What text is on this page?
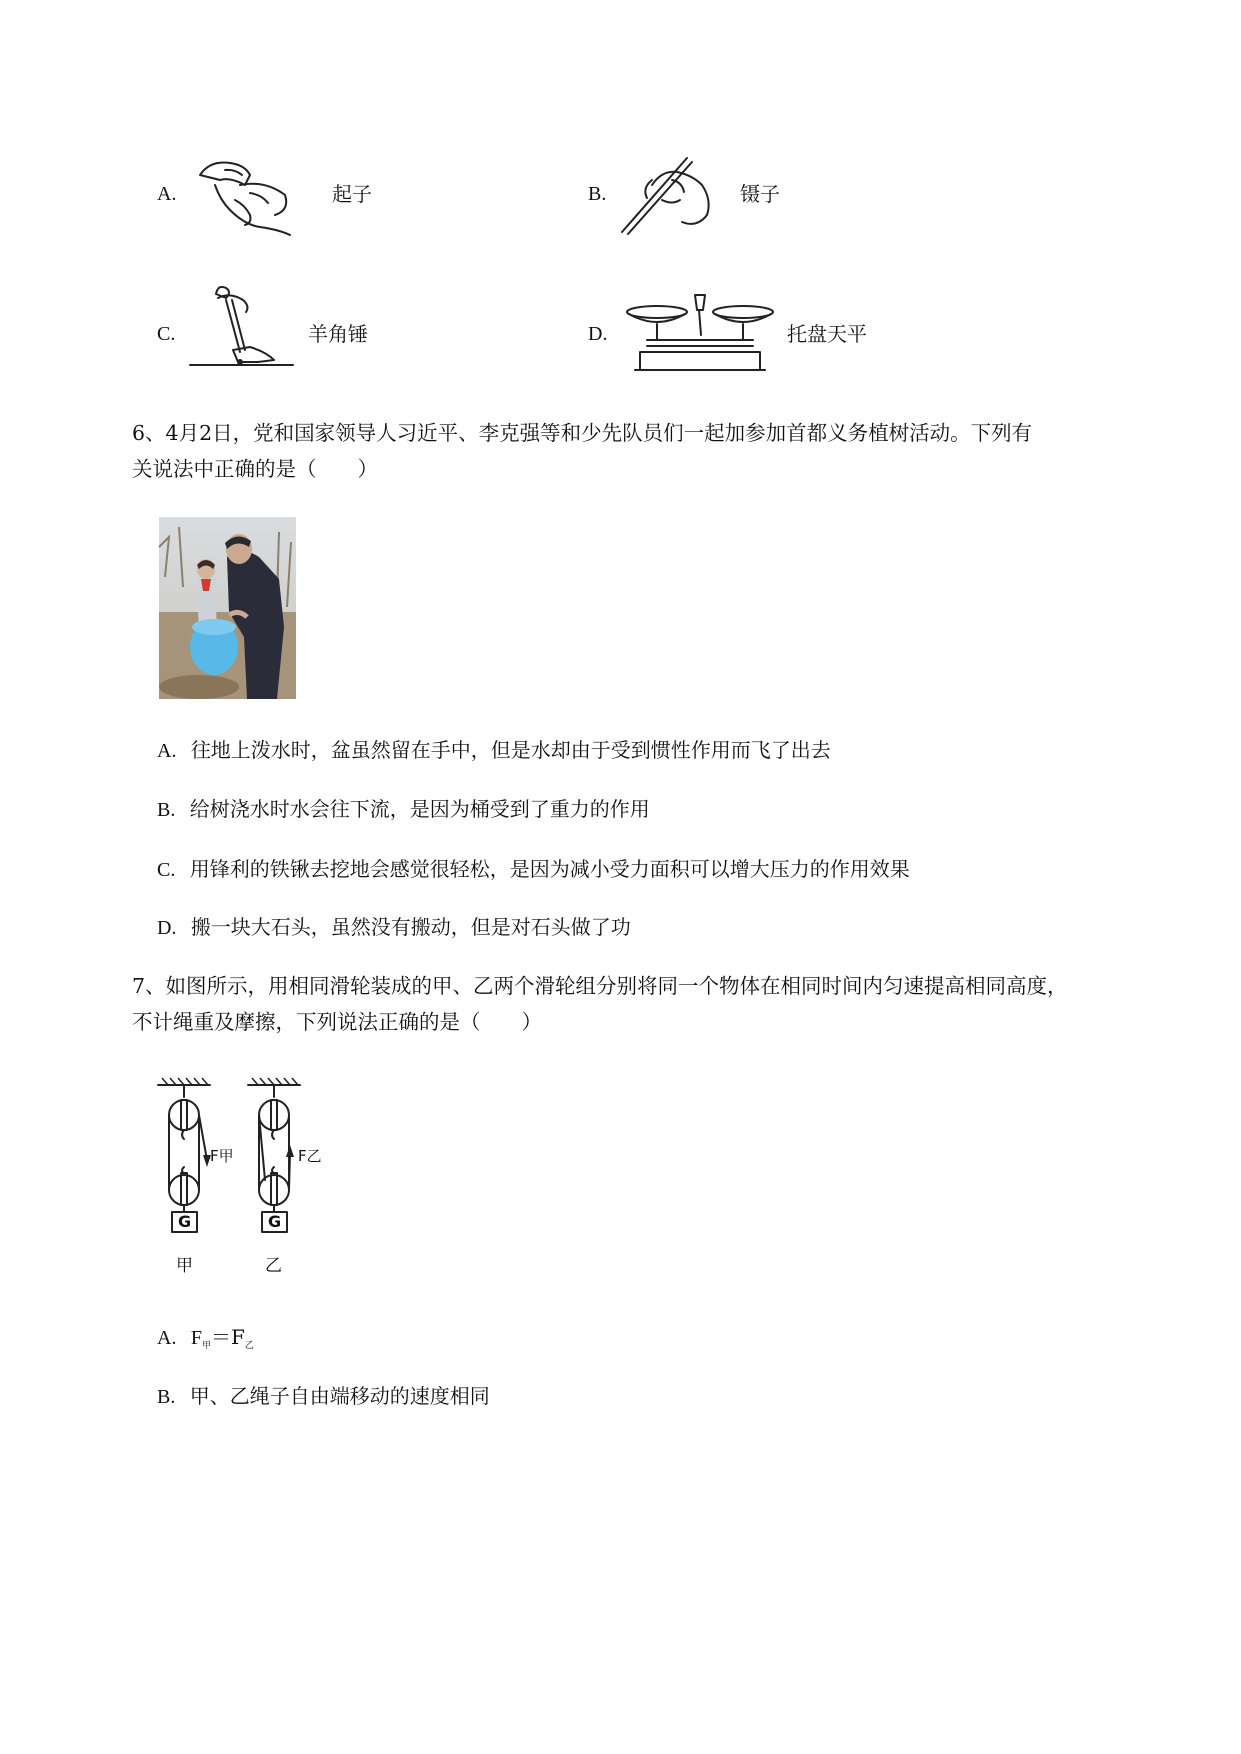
A.	起子	B.	镊子
C.	羊角锤	D.	托盘天平
6、4月2日，党和国家领导人习近平、李克强等和少先队员们一起加参加首都义务植树活动。下列有
关说法中正确的是（　　）
A. 往地上泼水时，盆虽然留在手中，但是水却由于受到惯性作用而飞了出去
B. 给树浇水时水会往下流，是因为桶受到了重力的作用
C. 用锋利的铁锹去挖地会感觉很轻松，是因为减小受力面积可以增大压力的作用效果
D. 搬一块大石头，虽然没有搬动，但是对石头做了功
7、如图所示，用相同滑轮装成的甲、乙两个滑轮组分别将同一个物体在相同时间内匀速提高相同高度，
不计绳重及摩擦，下列说法正确的是（　　）
F甲	F乙
G	G
甲	乙
A. $F_甲=F_乙$
B. 甲、乙绳子自由端移动的速度相同
